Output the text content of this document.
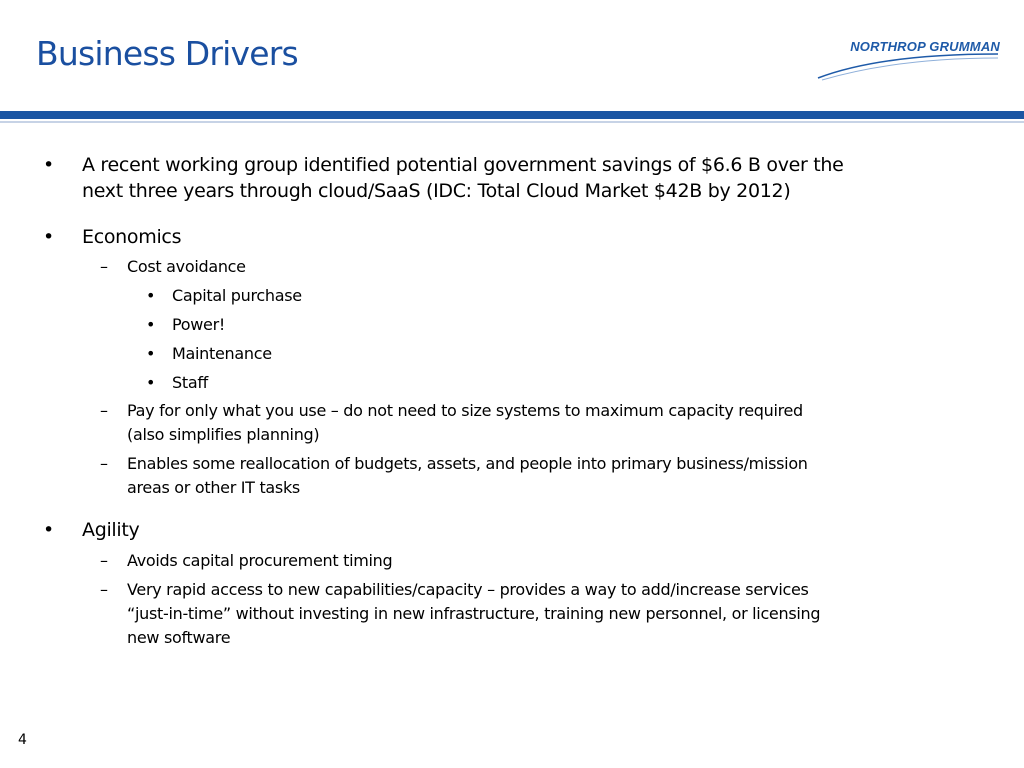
Business Drivers	NORTHROP GRUMMAN
• A recent working group identified potential government savings of $6.6 B over the
next three years through cloud/SaaS (IDC: Total Cloud Market $42B by 2012)
• Economics
– Cost avoidance
• Capital purchase
• Power!
• Maintenance
• Staff
– Pay for only what you use – do not need to size systems to maximum capacity required
(also simplifies planning)
– Enables some reallocation of budgets, assets, and people into primary business/mission
areas or other IT tasks
• Agility
– Avoids capital procurement timing
– Very rapid access to new capabilities/capacity – provides a way to add/increase services
“just-in-time” without investing in new infrastructure, training new personnel, or licensing
new software
4
